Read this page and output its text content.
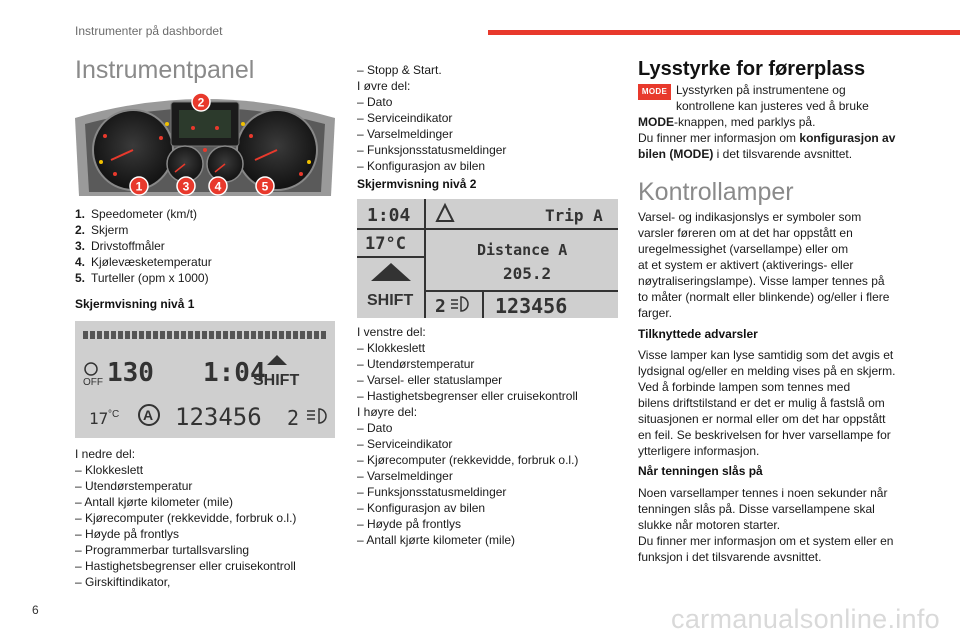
Instrumenter på dashbordet
Instrumentpanel
2
1	3 4	5
1. Speedometer (km/t)
2. Skjerm
3. Drivstoffmåler
4. Kjølevæsketemperatur
5. Turteller (opm x 1000)
Skjermvisning nivå 1
OFF 130 1:04
SHIFT
17 °C A 123456 2
I nedre del:
– Klokkeslett
– Utendørstemperatur
– Antall kjørte kilometer (mile)
– Kjørecomputer (rekkevidde, forbruk o.l.)
– Høyde på frontlys
– Programmerbar turtallsvarsling
– Hastighetsbegrenser eller cruisekontroll
– Girskiftindikator,
– Stopp & Start.
I øvre del:
– Dato
– Serviceindikator
– Varselmeldinger
– Funksjonsstatusmeldinger
– Konfigurasjon av bilen
Skjermvisning nivå 2
1:04	Trip A
17°C	Distance A
205.2
SHIFT 2 123456
I venstre del:
– Klokkeslett
– Utendørstemperatur
– Varsel- eller statuslamper
– Hastighetsbegrenser eller cruisekontroll
I høyre del:
– Dato
– Serviceindikator
– Kjørecomputer (rekkevidde, forbruk o.l.)
– Varselmeldinger
– Funksjonsstatusmeldinger
– Konfigurasjon av bilen
– Høyde på frontlys
– Antall kjørte kilometer (mile)
Lysstyrke for førerplass
MODE Lysstyrken på instrumentene og
kontrollene kan justeres ved å bruke
MODE-knappen, med parklys på.
Du finner mer informasjon om konfigurasjon av
bilen (MODE) i det tilsvarende avsnittet.
Kontrollamper
Varsel- og indikasjonslys er symboler som
varsler føreren om at det har oppstått en
uregelmessighet (varsellampe) eller om
at et system er aktivert (aktiverings- eller
nøytraliseringslampe). Visse lamper tennes på
to måter (normalt eller blinkende) og/eller i flere
farger.
Tilknyttede advarsler
Visse lamper kan lyse samtidig som det avgis et
lydsignal og/eller en melding vises på en skjerm.
Ved å forbinde lampen som tennes med
bilens driftstilstand er det er mulig å fastslå om
situasjonen er normal eller om det har oppstått
en feil. Se beskrivelsen for hver varsellampe for
ytterligere informasjon.
Når tenningen slås på
Noen varsellamper tennes i noen sekunder når
tenningen slås på. Disse varsellampene skal
slukke når motoren starter.
Du finner mer informasjon om et system eller en
funksjon i det tilsvarende avsnittet.
6	carmanualsonline.info
